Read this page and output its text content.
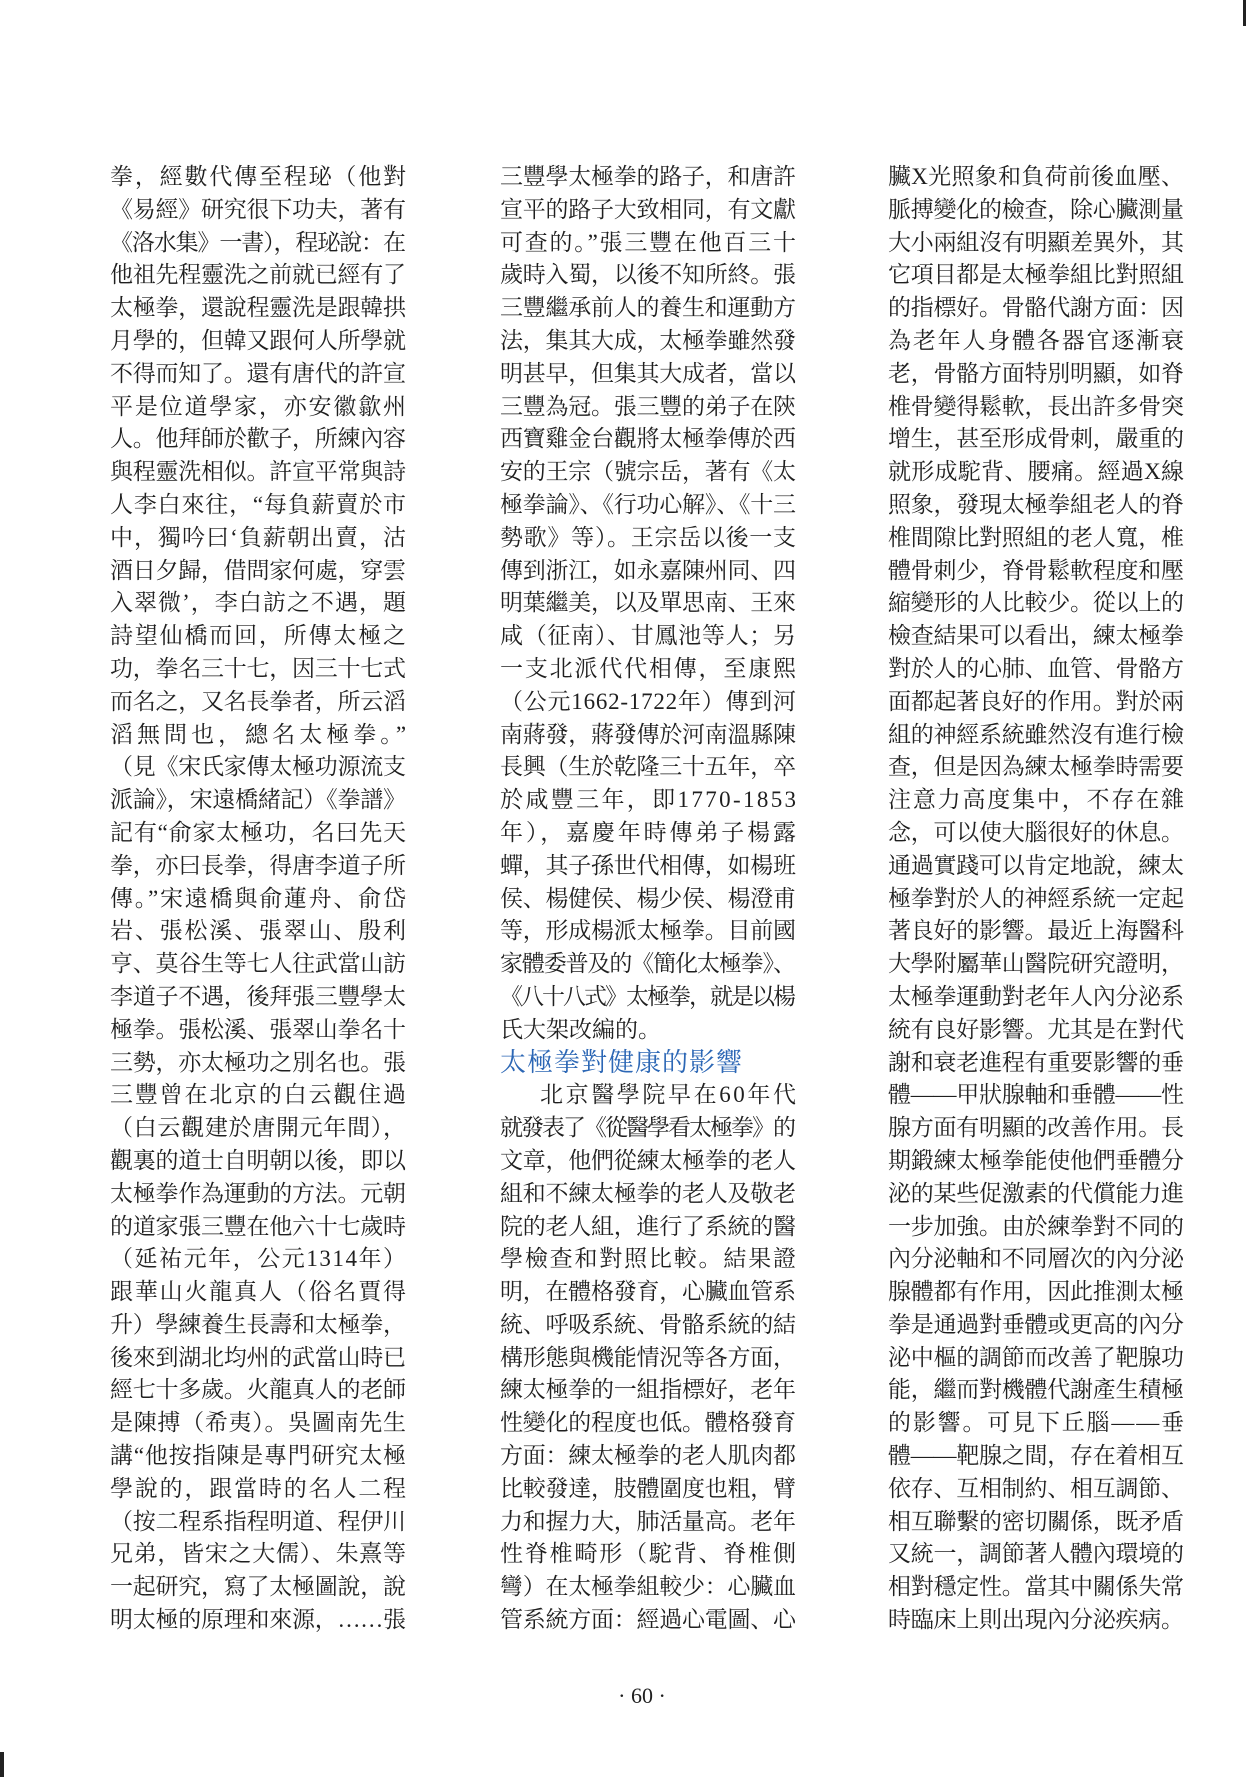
拳，經數代傳至程珌（他對
《易經》研究很下功夫，著有
《洛水集》一書），程珌說：在
他祖先程靈洗之前就已經有了
太極拳，還說程靈洗是跟韓拱
月學的，但韓又跟何人所學就
不得而知了。還有唐代的許宣
平是位道學家，亦安徽歙州
人。他拜師於歡子，所練內容
與程靈洗相似。許宣平常與詩
人李白來往，“每負薪賣於市
中，獨吟曰‘負薪朝出賣，沽
酒日夕歸，借問家何處，穿雲
入翠微’，李白訪之不遇，題
詩望仙橋而回，所傳太極之
功，拳名三十七，因三十七式
而名之，又名長拳者，所云滔
滔無問也，總名太極拳。”
（見《宋氏家傳太極功源流支
派論》，宋遠橋緒記）《拳譜》
記有“俞家太極功，名曰先天
拳，亦曰長拳，得唐李道子所
傳。”宋遠橋與俞蓮舟、俞岱
岩、張松溪、張翠山、殷利
亨、莫谷生等七人往武當山訪
李道子不遇，後拜張三豐學太
極拳。張松溪、張翠山拳名十
三勢，亦太極功之別名也。張
三豐曾在北京的白云觀住過
（白云觀建於唐開元年間），
觀裏的道士自明朝以後，即以
太極拳作為運動的方法。元朝
的道家張三豐在他六十七歲時
（延祐元年，公元1314年）
跟華山火龍真人（俗名賈得
升）學練養生長壽和太極拳，
後來到湖北均州的武當山時已
經七十多歲。火龍真人的老師
是陳搏（希夷）。吳圖南先生
講“他按指陳是專門研究太極
學說的，跟當時的名人二程
（按二程系指程明道、程伊川
兄弟，皆宋之大儒）、朱熹等
一起研究，寫了太極圖說，說
明太極的原理和來源，……張
三豐學太極拳的路子，和唐許
宣平的路子大致相同，有文獻
可查的。”張三豐在他百三十
歲時入蜀，以後不知所終。張
三豐繼承前人的養生和運動方
法，集其大成，太極拳雖然發
明甚早，但集其大成者，當以
三豐為冠。張三豐的弟子在陝
西寶雞金台觀將太極拳傳於西
安的王宗（號宗岳，著有《太
極拳論》、《行功心解》、《十三
勢歌》等）。王宗岳以後一支
傳到浙江，如永嘉陳州同、四
明葉繼美，以及單思南、王來
咸（征南）、甘鳳池等人；另
一支北派代代相傳，至康熙
（公元1662-1722年）傳到河
南蔣發，蔣發傳於河南溫縣陳
長興（生於乾隆三十五年，卒
於咸豐三年，即1770-1853
年），嘉慶年時傳弟子楊露
蟬，其子孫世代相傳，如楊班
侯、楊健侯、楊少侯、楊澄甫
等，形成楊派太極拳。目前國
家體委普及的《簡化太極拳》、
《八十八式》太極拳，就是以楊
氏大架改編的。
太極拳對健康的影響
北京醫學院早在60年代
就發表了《從醫學看太極拳》的
文章，他們從練太極拳的老人
組和不練太極拳的老人及敬老
院的老人組，進行了系統的醫
學檢查和對照比較。結果證
明，在體格發育，心臟血管系
統、呼吸系統、骨骼系統的結
構形態與機能情況等各方面，
練太極拳的一組指標好，老年
性變化的程度也低。體格發育
方面：練太極拳的老人肌肉都
比較發達，肢體圍度也粗，臂
力和握力大，肺活量高。老年
性脊椎畸形（駝背、脊椎側
彎）在太極拳組較少：心臟血
管系統方面：經過心電圖、心
臟X光照象和負荷前後血壓、
脈搏變化的檢查，除心臟測量
大小兩組沒有明顯差異外，其
它項目都是太極拳組比對照組
的指標好。骨骼代謝方面：因
為老年人身體各器官逐漸衰
老，骨骼方面特別明顯，如脊
椎骨變得鬆軟，長出許多骨突
增生，甚至形成骨刺，嚴重的
就形成駝背、腰痛。經過X線
照象，發現太極拳組老人的脊
椎間隙比對照組的老人寬，椎
體骨刺少，脊骨鬆軟程度和壓
縮變形的人比較少。從以上的
檢查結果可以看出，練太極拳
對於人的心肺、血管、骨骼方
面都起著良好的作用。對於兩
組的神經系統雖然沒有進行檢
查，但是因為練太極拳時需要
注意力高度集中，不存在雜
念，可以使大腦很好的休息。
通過實踐可以肯定地說，練太
極拳對於人的神經系統一定起
著良好的影響。最近上海醫科
大學附屬華山醫院研究證明，
太極拳運動對老年人內分泌系
統有良好影響。尤其是在對代
謝和衰老進程有重要影響的垂
體——甲狀腺軸和垂體——性
腺方面有明顯的改善作用。長
期鍛練太極拳能使他們垂體分
泌的某些促激素的代償能力進
一步加強。由於練拳對不同的
內分泌軸和不同層次的內分泌
腺體都有作用，因此推測太極
拳是通過對垂體或更高的內分
泌中樞的調節而改善了靶腺功
能，繼而對機體代謝產生積極
的影響。可見下丘腦——垂
體——靶腺之間，存在着相互
依存、互相制約、相互調節、
相互聯繫的密切關係，既矛盾
又統一，調節著人體內環境的
相對穩定性。當其中關係失常
時臨床上則出現內分泌疾病。
· 60 ·
